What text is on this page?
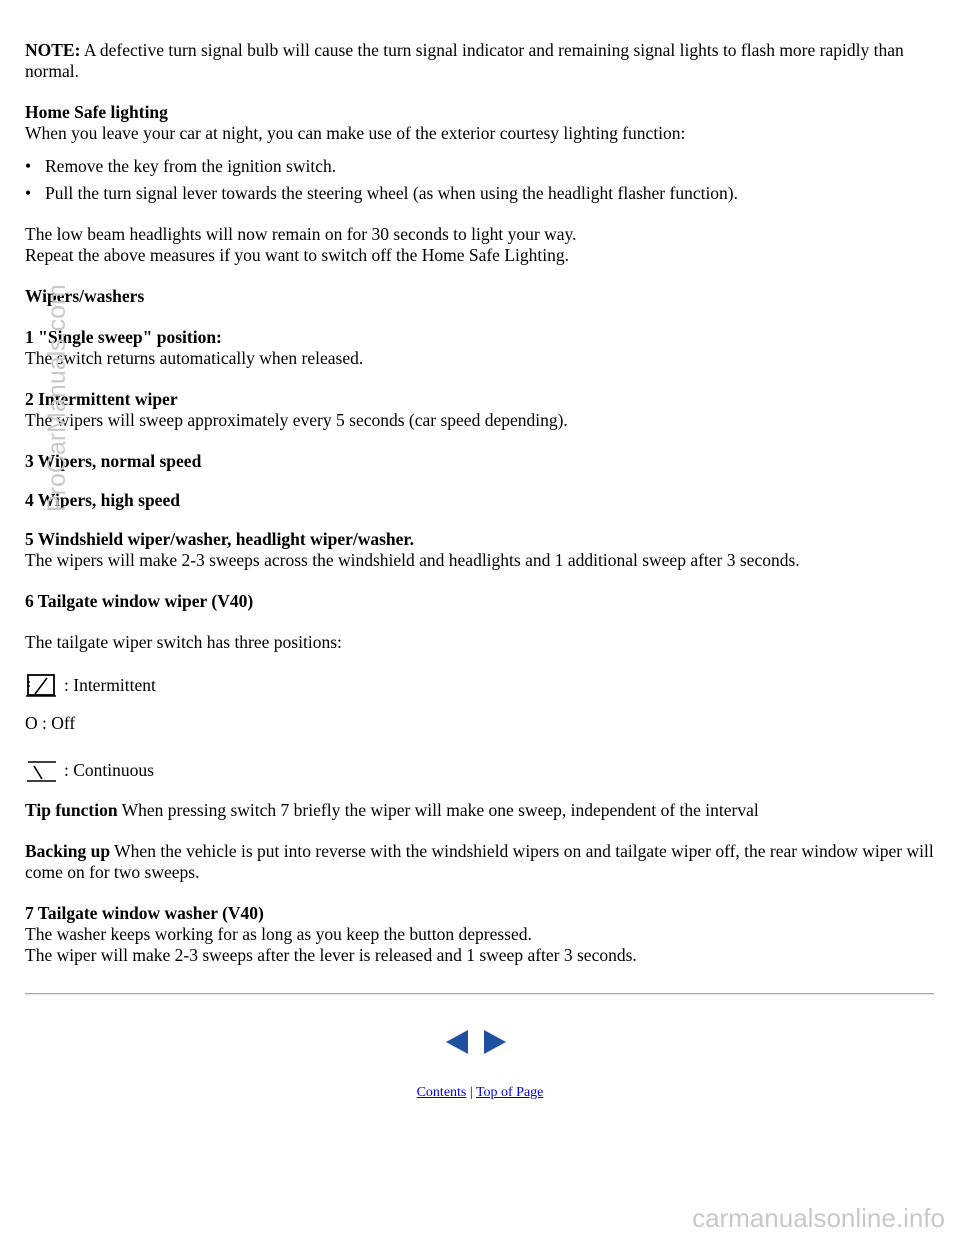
NOTE: A defective turn signal bulb will cause the turn signal indicator and remaining signal lights to flash more rapidly than normal.

Home Safe lighting
When you leave your car at night, you can make use of the exterior courtesy lighting function:

• Remove the key from the ignition switch.
• Pull the turn signal lever towards the steering wheel (as when using the headlight flasher function).

The low beam headlights will now remain on for 30 seconds to light your way.
Repeat the above measures if you want to switch off the Home Safe Lighting.

Wipers/washers

1 "Single sweep" position:
The switch returns automatically when released.

2 Intermittent wiper
The wipers will sweep approximately every 5 seconds (car speed depending).

3 Wipers, normal speed

4 Wipers, high speed

5 Windshield wiper/washer, headlight wiper/washer.
The wipers will make 2-3 sweeps across the windshield and headlights and 1 additional sweep after 3 seconds.

6 Tailgate window wiper (V40)

The tailgate wiper switch has three positions:

: Intermittent

O : Off

: Continuous

Tip function When pressing switch 7 briefly the wiper will make one sweep, independent of the interval

Backing up When the vehicle is put into reverse with the windshield wipers on and tailgate wiper off, the rear window wiper will come on for two sweeps.

7 Tailgate window washer (V40)
The washer keeps working for as long as you keep the button depressed.
The wiper will make 2-3 sweeps after the lever is released and 1 sweep after 3 seconds.

Contents | Top of Page
ProCarManuals.com
carmanualsonline.info
